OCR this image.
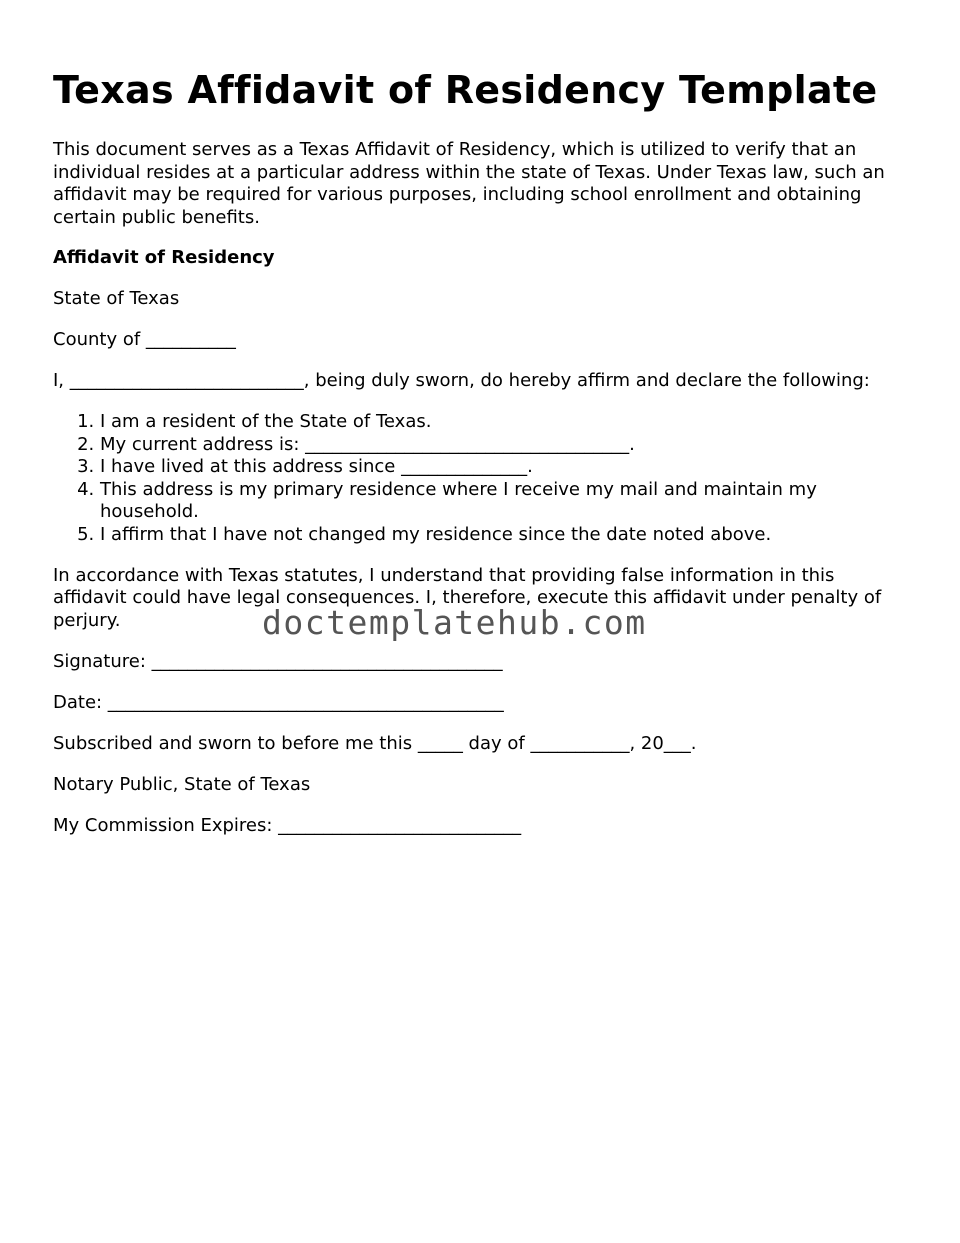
Texas Affidavit of Residency Template

This document serves as a Texas Affidavit of Residency, which is utilized to verify that an individual resides at a particular address within the state of Texas. Under Texas law, such an affidavit may be required for various purposes, including school enrollment and obtaining certain public benefits.

Affidavit of Residency

State of Texas

County of __________

I, __________________________, being duly sworn, do hereby affirm and declare the following:

1. I am a resident of the State of Texas.
2. My current address is: ____________________________________.
3. I have lived at this address since ______________.
4. This address is my primary residence where I receive my mail and maintain my household.
5. I affirm that I have not changed my residence since the date noted above.

In accordance with Texas statutes, I understand that providing false information in this affidavit could have legal consequences. I, therefore, execute this affidavit under penalty of perjury.

Signature: _______________________________________

Date: ____________________________________________

Subscribed and sworn to before me this _____ day of ___________, 20___.

Notary Public, State of Texas

My Commission Expires: ___________________________

doctemplatehub.com
